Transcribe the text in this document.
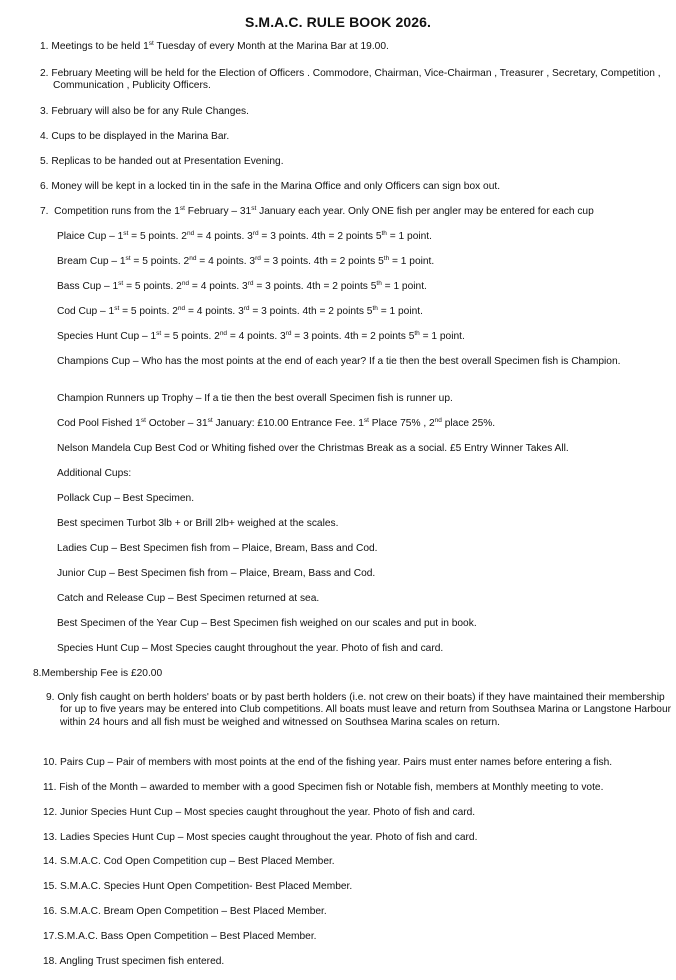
S.M.A.C. RULE BOOK 2026.
1. Meetings to be held 1st Tuesday of every Month at the Marina Bar at 19.00.
2. February Meeting will be held for the Election of Officers . Commodore, Chairman, Vice-Chairman , Treasurer , Secretary, Competition , Communication , Publicity Officers.
3. February will also be for any Rule Changes.
4. Cups to be displayed in the Marina Bar.
5. Replicas to be handed out at Presentation Evening.
6. Money will be kept in a locked tin in the safe in the Marina Office and only Officers can sign box out.
7. Competition runs from the 1st February – 31st January each year. Only ONE fish per angler may be entered for each cup
Plaice Cup – 1st = 5 points. 2nd = 4 points. 3rd = 3 points. 4th = 2 points 5th = 1 point.
Bream Cup – 1st = 5 points. 2nd = 4 points. 3rd = 3 points. 4th = 2 points 5th = 1 point.
Bass Cup – 1st = 5 points. 2nd = 4 points. 3rd = 3 points. 4th = 2 points 5th = 1 point.
Cod Cup – 1st = 5 points. 2nd = 4 points. 3rd = 3 points. 4th = 2 points 5th = 1 point.
Species Hunt Cup – 1st = 5 points. 2nd = 4 points. 3rd = 3 points. 4th = 2 points 5th = 1 point.
Champions Cup – Who has the most points at the end of each year? If a tie then the best overall Specimen fish is Champion.
Champion Runners up Trophy – If a tie then the best overall Specimen fish is runner up.
Cod Pool Fished 1st October – 31st January: £10.00 Entrance Fee. 1st Place 75% , 2nd place 25%.
Nelson Mandela Cup Best Cod or Whiting fished over the Christmas Break as a social. £5 Entry Winner Takes All.
Additional Cups:
Pollack Cup – Best Specimen.
Best specimen Turbot 3lb + or Brill 2lb+ weighed at the scales.
Ladies Cup – Best Specimen fish from – Plaice, Bream, Bass and Cod.
Junior Cup – Best Specimen fish from – Plaice, Bream, Bass and Cod.
Catch and Release Cup – Best Specimen returned at sea.
Best Specimen of the Year Cup – Best Specimen fish weighed on our scales and put in book.
Species Hunt Cup – Most Species caught throughout the year. Photo of fish and card.
8.Membership Fee is £20.00
9. Only fish caught on berth holders' boats or by past berth holders (i.e. not crew on their boats) if they have maintained their membership for up to five years may be entered into Club competitions. All boats must leave and return from Southsea Marina or Langstone Harbour within 24 hours and all fish must be weighed and witnessed on Southsea Marina scales on return.
10. Pairs Cup – Pair of members with most points at the end of the fishing year. Pairs must enter names before entering a fish.
11. Fish of the Month – awarded to member with a good Specimen fish or Notable fish, members at Monthly meeting to vote.
12. Junior Species Hunt Cup – Most species caught throughout the year. Photo of fish and card.
13. Ladies Species Hunt Cup – Most species caught throughout the year. Photo of fish and card.
14. S.M.A.C. Cod Open Competition cup – Best Placed Member.
15. S.M.A.C. Species Hunt Open Competition- Best Placed Member.
16. S.M.A.C. Bream Open Competition – Best Placed Member.
17.S.M.A.C. Bass Open Competition – Best Placed Member.
18. Angling Trust specimen fish entered.
